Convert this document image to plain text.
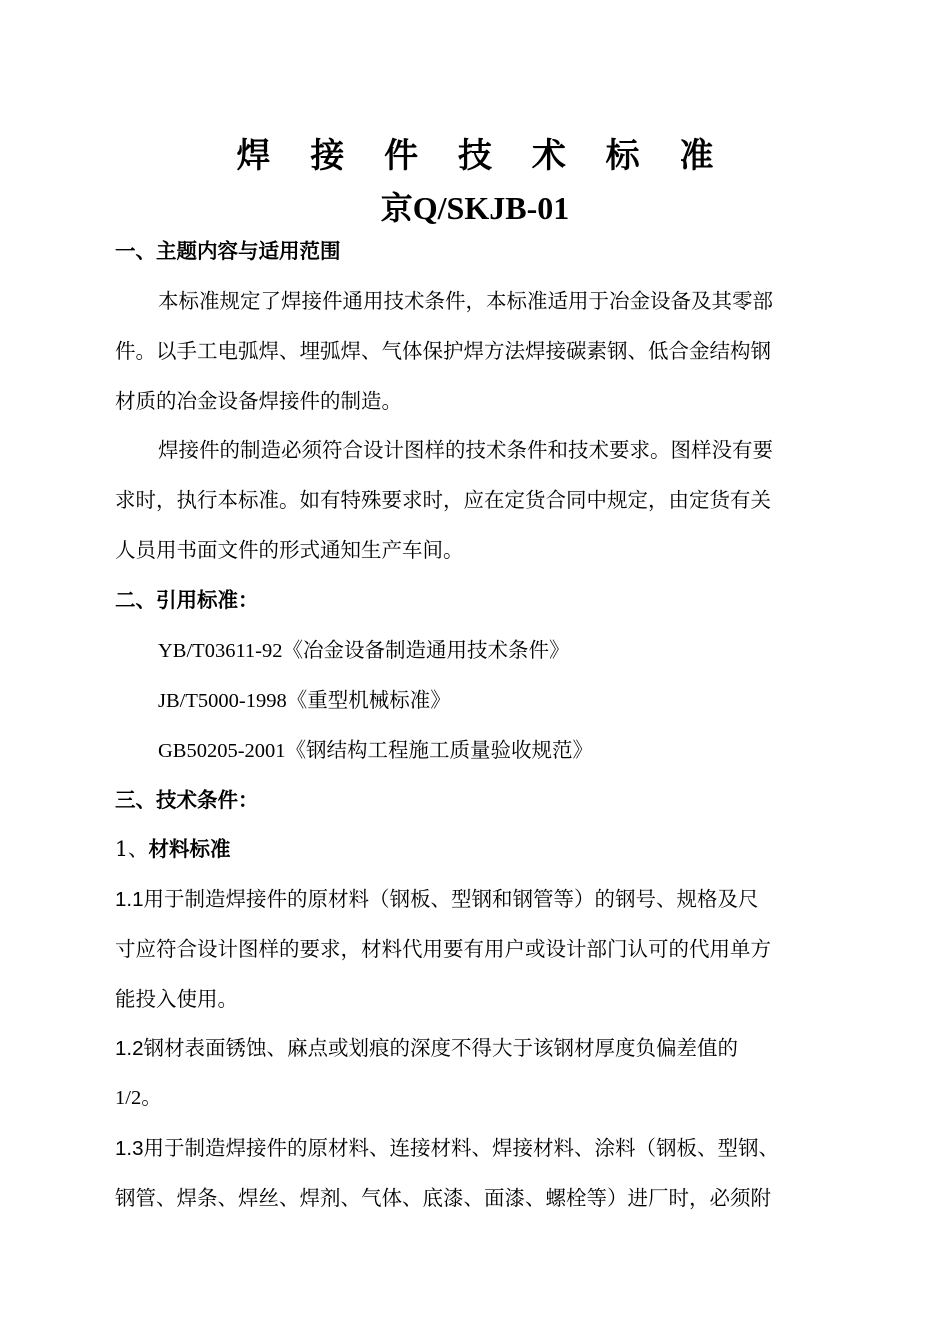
焊 接 件 技 术 标 准
京Q/SKJB-01
一、主题内容与适用范围
本标准规定了焊接件通用技术条件，本标准适用于冶金设备及其零部
件。以手工电弧焊、埋弧焊、气体保护焊方法焊接碳素钢、低合金结构钢
材质的冶金设备焊接件的制造。
焊接件的制造必须符合设计图样的技术条件和技术要求。图样没有要
求时，执行本标准。如有特殊要求时，应在定货合同中规定，由定货有关
人员用书面文件的形式通知生产车间。
二、引用标准：
YB/T03611-92《冶金设备制造通用技术条件》
JB/T5000-1998《重型机械标准》
GB50205-2001《钢结构工程施工质量验收规范》
三、技术条件：
1、材料标准
1.1用于制造焊接件的原材料（钢板、型钢和钢管等）的钢号、规格及尺
寸应符合设计图样的要求，材料代用要有用户或设计部门认可的代用单方
能投入使用。
1.2钢材表面锈蚀、麻点或划痕的深度不得大于该钢材厚度负偏差值的
1/2。
1.3用于制造焊接件的原材料、连接材料、焊接材料、涂料（钢板、型钢、
钢管、焊条、焊丝、焊剂、气体、底漆、面漆、螺栓等）进厂时，必须附
